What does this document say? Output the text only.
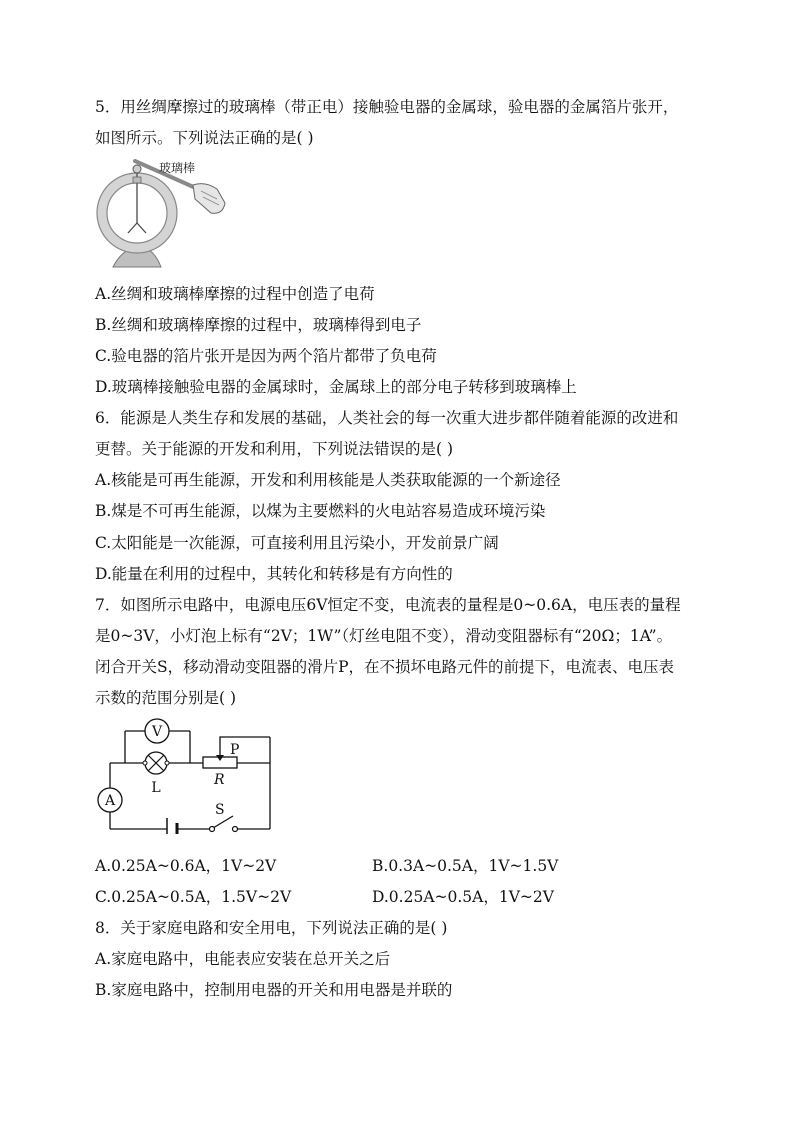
5．用丝绸摩擦过的玻璃棒（带正电）接触验电器的金属球，验电器的金属箔片张开，
如图所示。下列说法正确的是( )
玻璃棒
A.丝绸和玻璃棒摩擦的过程中创造了电荷
B.丝绸和玻璃棒摩擦的过程中，玻璃棒得到电子
C.验电器的箔片张开是因为两个箔片都带了负电荷
D.玻璃棒接触验电器的金属球时，金属球上的部分电子转移到玻璃棒上
6．能源是人类生存和发展的基础，人类社会的每一次重大进步都伴随着能源的改进和
更替。关于能源的开发和利用，下列说法错误的是( )
A.核能是可再生能源，开发和利用核能是人类获取能源的一个新途径
B.煤是不可再生能源，以煤为主要燃料的火电站容易造成环境污染
C.太阳能是一次能源，可直接利用且污染小，开发前景广阔
D.能量在利用的过程中，其转化和转移是有方向性的
7．如图所示电路中，电源电压6V恒定不变，电流表的量程是0~0.6A，电压表的量程
是0~3V，小灯泡上标有“2V；1W”（灯丝电阻不变），滑动变阻器标有“20Ω；1A”。
闭合开关S，移动滑动变阻器的滑片P，在不损坏电路元件的前提下，电流表、电压表
示数的范围分别是( )
V
A
L
P
R
S
A.0.25A~0.6A，1V~2V	B.0.3A~0.5A，1V~1.5V
C.0.25A~0.5A，1.5V~2V	D.0.25A~0.5A，1V~2V
8．关于家庭电路和安全用电，下列说法正确的是( )
A.家庭电路中，电能表应安装在总开关之后
B.家庭电路中，控制用电器的开关和用电器是并联的
